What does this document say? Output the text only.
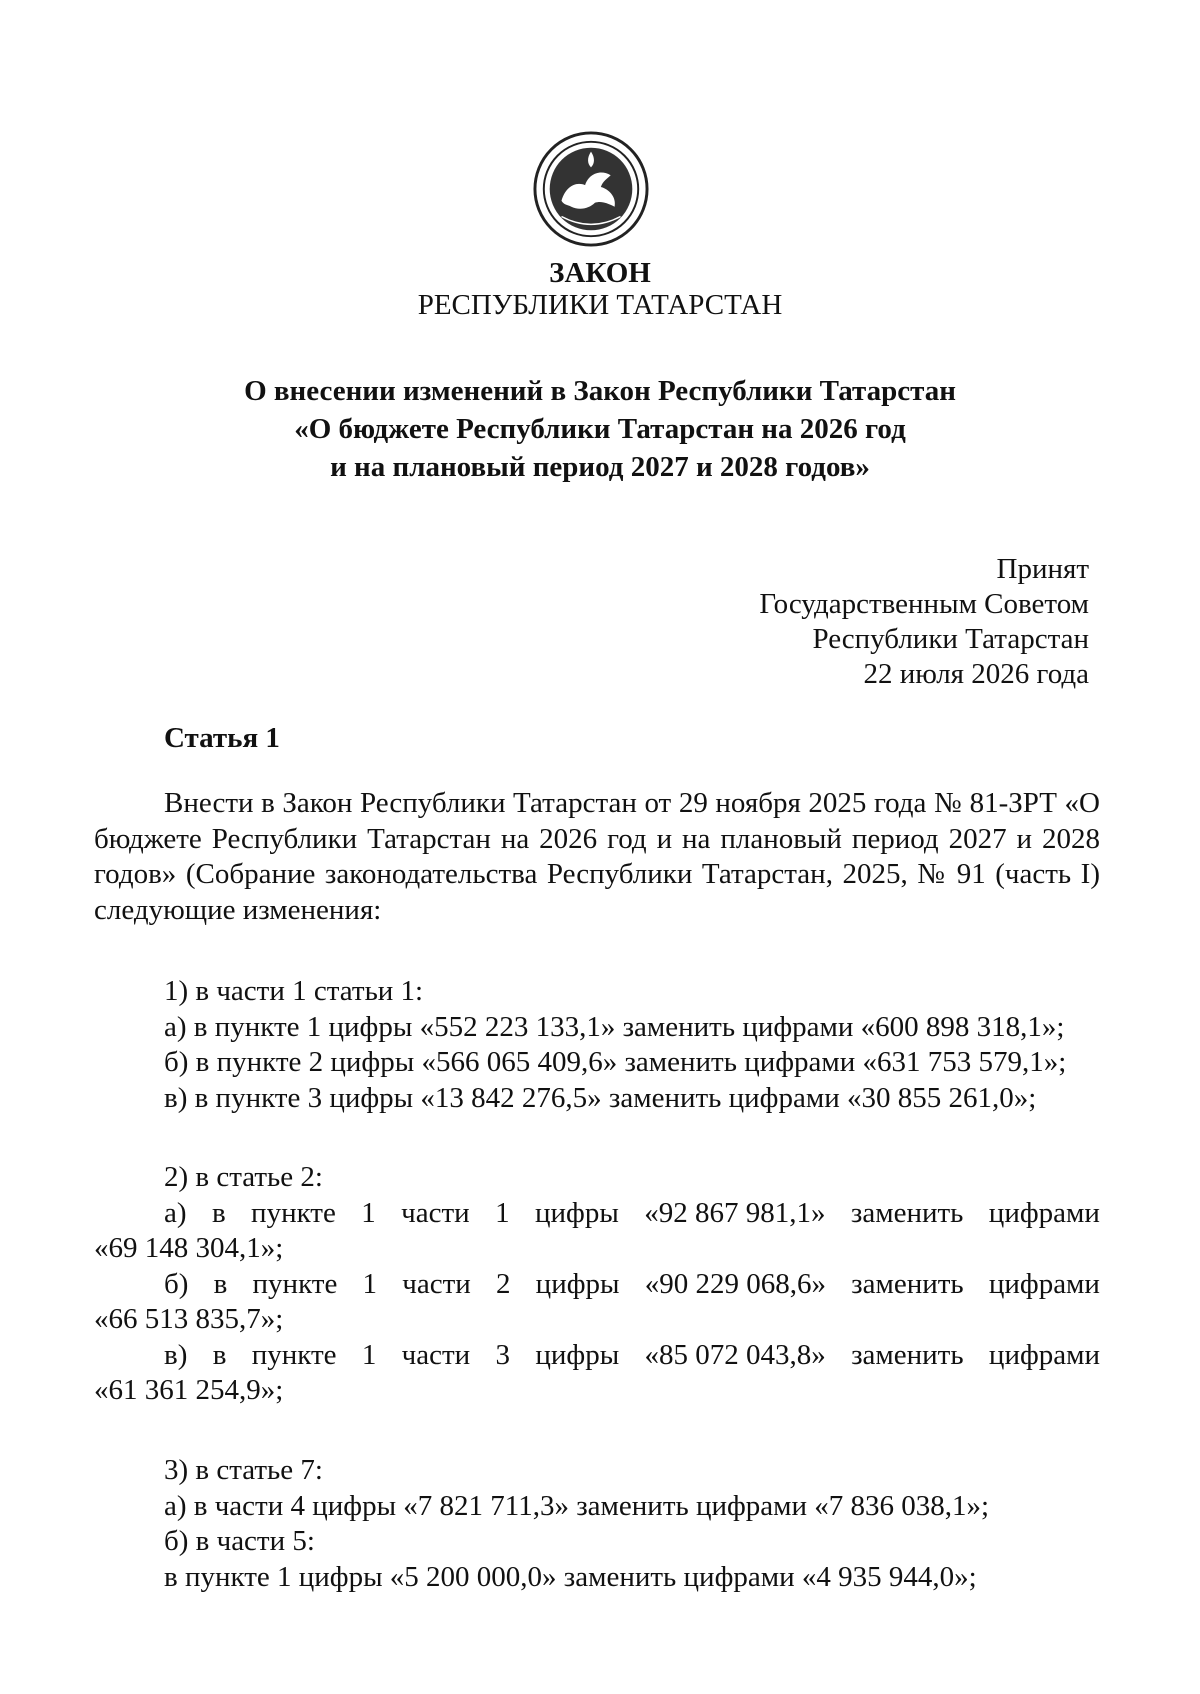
ЗАКОН
РЕСПУБЛИКИ ТАТАРСТАН
О внесении изменений в Закон Республики Татарстан
«О бюджете Республики Татарстан на 2026 год
и на плановый период 2027 и 2028 годов»
Принят
Государственным Советом
Республики Татарстан
22 июля 2026 года
Статья 1
Внести в Закон Республики Татарстан от 29 ноября 2025 года № 81-ЗРТ «О бюджете Республики Татарстан на 2026 год и на плановый период 2027 и 2028 годов» (Собрание законодательства Республики Татарстан, 2025, № 91 (часть I) следующие изменения:
1) в части 1 статьи 1:
а) в пункте 1 цифры «552 223 133,1» заменить цифрами «600 898 318,1»;
б) в пункте 2 цифры «566 065 409,6» заменить цифрами «631 753 579,1»;
в) в пункте 3 цифры «13 842 276,5» заменить цифрами «30 855 261,0»;
2) в статье 2:
а) в пункте 1 части 1 цифры «92 867 981,1» заменить цифрами
«69 148 304,1»;
б) в пункте 1 части 2 цифры «90 229 068,6» заменить цифрами
«66 513 835,7»;
в) в пункте 1 части 3 цифры «85 072 043,8» заменить цифрами
«61 361 254,9»;
3) в статье 7:
а) в части 4 цифры «7 821 711,3» заменить цифрами «7 836 038,1»;
б) в части 5:
в пункте 1 цифры «5 200 000,0» заменить цифрами «4 935 944,0»;
